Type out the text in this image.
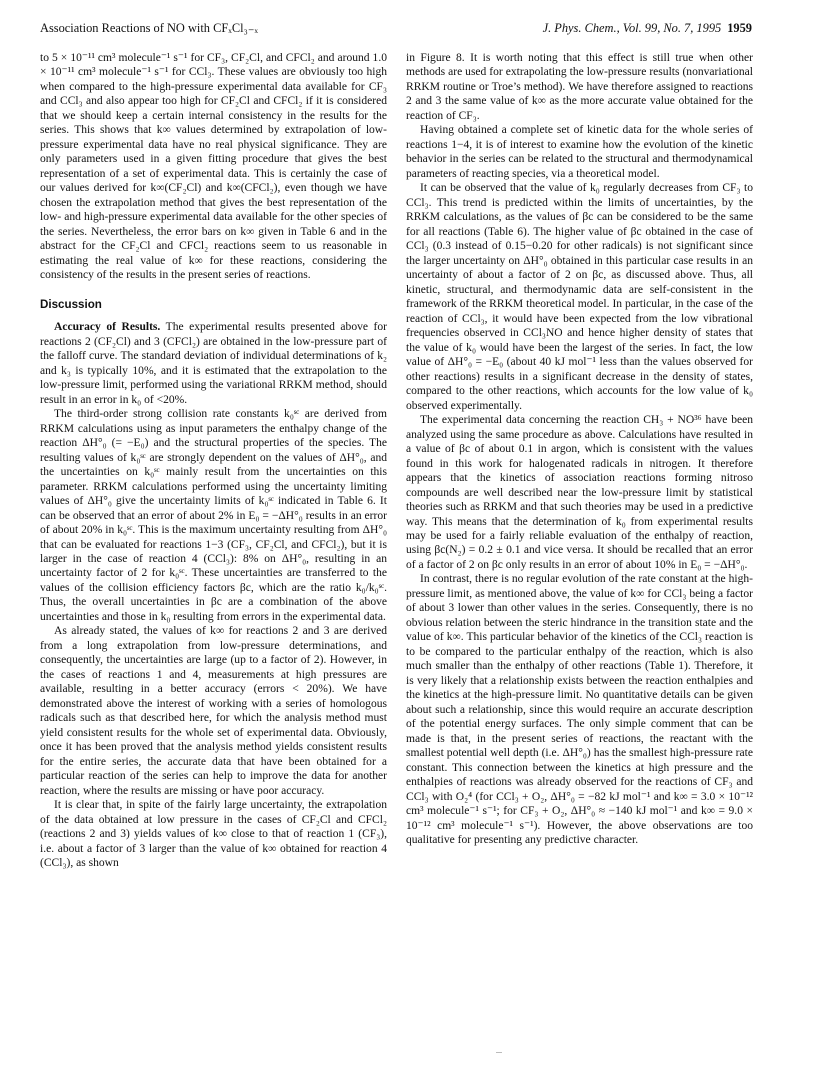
Association Reactions of NO with CFₓCl₃₋ₓ	J. Phys. Chem., Vol. 99, No. 7, 1995 1959

to 5 × 10⁻¹¹ cm³ molecule⁻¹ s⁻¹ for CF₃, CF₂Cl, and CFCl₂ and around 1.0 × 10⁻¹¹ cm³ molecule⁻¹ s⁻¹ for CCl₃. These values are obviously too high when compared to the high-pressure experimental data available for CF₃ and CCl₃ and also appear too high for CF₂Cl and CFCl₂ if it is considered that we should keep a certain internal consistency in the results for the series. This shows that k∞ values determined by extrapolation of low-pressure experimental data have no real physical significance. They are only parameters used in a given fitting procedure that gives the best representation of a set of experimental data. This is certainly the case of our values derived for k∞(CF₂Cl) and k∞(CFCl₂), even though we have chosen the extrapolation method that gives the best representation of the low- and high-pressure experimental data available for the other species of the series. Nevertheless, the error bars on k∞ given in Table 6 and in the abstract for the CF₂Cl and CFCl₂ reactions seem to us reasonable in estimating the real value of k∞ for these reactions, considering the consistency of the results in the present series of reactions.

Discussion

Accuracy of Results. The experimental results presented above for reactions 2 (CF₂Cl) and 3 (CFCl₂) are obtained in the low-pressure part of the falloff curve. The standard deviation of individual determinations of k₂ and k₃ is typically 10%, and it is estimated that the extrapolation to the low-pressure limit, performed using the variational RRKM method, should result in an error in k₀ of <20%.

The third-order strong collision rate constants k₀ˢᶜ are derived from RRKM calculations using as input parameters the enthalpy change of the reaction ΔH°₀ (= −E₀) and the structural properties of the species. The resulting values of k₀ˢᶜ are strongly dependent on the values of ΔH°₀, and the uncertainties on k₀ˢᶜ mainly result from the uncertainties on this parameter. RRKM calculations performed using the uncertainty limiting values of ΔH°₀ give the uncertainty limits of k₀ˢᶜ indicated in Table 6. It can be observed that an error of about 2% in E₀ = −ΔH°₀ results in an error of about 20% in k₀ˢᶜ. This is the maximum uncertainty resulting from ΔH°₀ that can be evaluated for reactions 1−3 (CF₃, CF₂Cl, and CFCl₂), but it is larger in the case of reaction 4 (CCl₃): 8% on ΔH°₀, resulting in an uncertainty factor of 2 for k₀ˢᶜ. These uncertainties are transferred to the values of the collision efficiency factors βc, which are the ratio k₀/k₀ˢᶜ. Thus, the overall uncertainties in βc are a combination of the above uncertainties and those in k₀ resulting from errors in the experimental data.

As already stated, the values of k∞ for reactions 2 and 3 are derived from a long extrapolation from low-pressure determinations, and consequently, the uncertainties are large (up to a factor of 2). However, in the cases of reactions 1 and 4, measurements at high pressures are available, resulting in a better accuracy (errors < 20%). We have demonstrated above the interest of working with a series of homologous radicals such as that described here, for which the analysis method must yield consistent results for the whole set of experimental data. Obviously, once it has been proved that the analysis method yields consistent results for the entire series, the accurate data that have been obtained for a particular reaction of the series can help to improve the data for another reaction, where the results are missing or have poor accuracy.

It is clear that, in spite of the fairly large uncertainty, the extrapolation of the data obtained at low pressure in the cases of CF₂Cl and CFCl₂ (reactions 2 and 3) yields values of k∞ close to that of reaction 1 (CF₃), i.e. about a factor of 3 larger than the value of k∞ obtained for reaction 4 (CCl₃), as shown

in Figure 8. It is worth noting that this effect is still true when other methods are used for extrapolating the low-pressure results (nonvariational RRKM routine or Troe’s method). We have therefore assigned to reactions 2 and 3 the same value of k∞ as the more accurate value obtained for the reaction of CF₃.

Having obtained a complete set of kinetic data for the whole series of reactions 1−4, it is of interest to examine how the evolution of the kinetic behavior in the series can be related to the structural and thermodynamical parameters of reacting species, via a theoretical model.

It can be observed that the value of k₀ regularly decreases from CF₃ to CCl₃. This trend is predicted within the limits of uncertainties, by the RRKM calculations, as the values of βc can be considered to be the same for all reactions (Table 6). The higher value of βc obtained in the case of CCl₃ (0.3 instead of 0.15−0.20 for other radicals) is not significant since the larger uncertainty on ΔH°₀ obtained in this particular case results in an uncertainty of about a factor of 2 on βc, as discussed above. Thus, all kinetic, structural, and thermodynamic data are self-consistent in the framework of the RRKM theoretical model. In particular, in the case of the reaction of CCl₃, it would have been expected from the low vibrational frequencies observed in CCl₃NO and hence higher density of states that the value of k₀ would have been the largest of the series. In fact, the low value of ΔH°₀ = −E₀ (about 40 kJ mol⁻¹ less than the values observed for other reactions) results in a significant decrease in the density of states, compared to the other reactions, which accounts for the low value of k₀ observed experimentally.

The experimental data concerning the reaction CH₃ + NO³⁶ have been analyzed using the same procedure as above. Calculations have resulted in a value of βc of about 0.1 in argon, which is consistent with the values found in this work for halogenated radicals in nitrogen. It therefore appears that the kinetics of association reactions forming nitroso compounds are well described near the low-pressure limit by statistical theories such as RRKM and that such theories may be used in a predictive way. This means that the determination of k₀ from experimental results may be used for a fairly reliable evaluation of the enthalpy of reaction, using βc(N₂) = 0.2 ± 0.1 and vice versa. It should be recalled that an error of a factor of 2 on βc only results in an error of about 10% in E₀ = −ΔH°₀.

In contrast, there is no regular evolution of the rate constant at the high-pressure limit, as mentioned above, the value of k∞ for CCl₃ being a factor of about 3 lower than other values in the series. Consequently, there is no obvious relation between the steric hindrance in the transition state and the value of k∞. This particular behavior of the kinetics of the CCl₃ reaction is to be compared to the particular enthalpy of the reaction, which is also much smaller than the enthalpy of other reactions (Table 1). Therefore, it is very likely that a relationship exists between the reaction enthalpies and the kinetics at the high-pressure limit. No quantitative details can be given about such a relationship, since this would require an accurate description of the potential energy surfaces. The only simple comment that can be made is that, in the present series of reactions, the reactant with the smallest potential well depth (i.e. ΔH°₀) has the smallest high-pressure rate constant. This connection between the kinetics at high pressure and the enthalpies of reactions was already observed for the reactions of CF₃ and CCl₃ with O₂⁴ (for CCl₃ + O₂, ΔH°₀ = −82 kJ mol⁻¹ and k∞ = 3.0 × 10⁻¹² cm³ molecule⁻¹ s⁻¹; for CF₃ + O₂, ΔH°₀ ≈ −140 kJ mol⁻¹ and k∞ = 9.0 × 10⁻¹² cm³ molecule⁻¹ s⁻¹). However, the above observations are too qualitative for presenting any predictive character.
